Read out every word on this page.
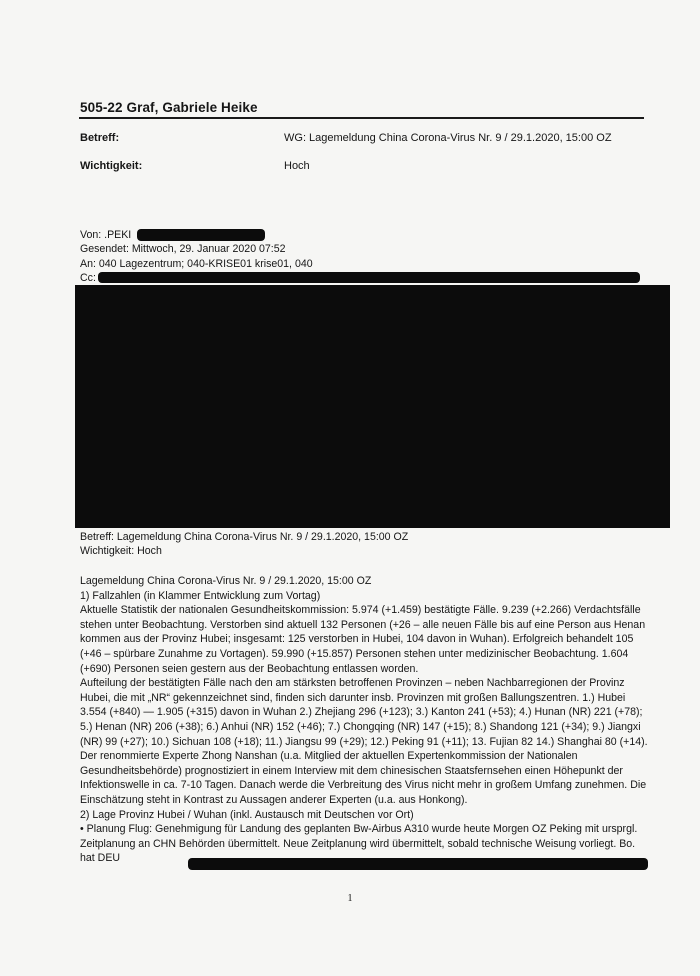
505-22 Graf, Gabriele Heike
Betreff:	WG: Lagemeldung China Corona-Virus Nr. 9 / 29.1.2020, 15:00 OZ
Wichtigkeit:	Hoch
Von: .PEKI
Gesendet: Mittwoch, 29. Januar 2020 07:52
An: 040 Lagezentrum; 040-KRISE01 krise01, 040
Cc:
Betreff: Lagemeldung China Corona-Virus Nr. 9 / 29.1.2020, 15:00 OZ
Wichtigkeit: Hoch

Lagemeldung China Corona-Virus Nr. 9 / 29.1.2020, 15:00 OZ

1) Fallzahlen (in Klammer Entwicklung zum Vortag)

Aktuelle Statistik der nationalen Gesundheitskommission: 5.974 (+1.459) bestätigte Fälle. 9.239 (+2.266) Verdachtsfälle stehen unter Beobachtung. Verstorben sind aktuell 132 Personen (+26 – alle neuen Fälle bis auf eine Person aus Henan kommen aus der Provinz Hubei; insgesamt: 125 verstorben in Hubei, 104 davon in Wuhan). Erfolgreich behandelt 105 (+46 – spürbare Zunahme zu Vortagen). 59.990 (+15.857) Personen stehen unter medizinischer Beobachtung. 1.604 (+690) Personen seien gestern aus der Beobachtung entlassen worden.

Aufteilung der bestätigten Fälle nach den am stärksten betroffenen Provinzen – neben Nachbarregionen der Provinz Hubei, die mit „NR“ gekennzeichnet sind, finden sich darunter insb. Provinzen mit großen Ballungszentren. 1.) Hubei 3.554 (+840) — 1.905 (+315) davon in Wuhan 2.) Zhejiang 296 (+123); 3.) Kanton 241 (+53); 4.) Hunan (NR) 221 (+78); 5.) Henan (NR) 206 (+38); 6.) Anhui (NR) 152 (+46); 7.) Chongqing (NR) 147 (+15); 8.) Shandong 121 (+34); 9.) Jiangxi (NR) 99 (+27); 10.) Sichuan 108 (+18); 11.) Jiangsu 99 (+29); 12.) Peking 91 (+11); 13. Fujian 82 14.) Shanghai 80 (+14).

Der renommierte Experte Zhong Nanshan (u.a. Mitglied der aktuellen Expertenkommission der Nationalen Gesundheitsbehörde) prognostiziert in einem Interview mit dem chinesischen Staatsfernsehen einen Höhepunkt der Infektionswelle in ca. 7-10 Tagen. Danach werde die Verbreitung des Virus nicht mehr in großem Umfang zunehmen. Die Einschätzung steht in Kontrast zu Aussagen anderer Experten (u.a. aus Honkong).

2) Lage Provinz Hubei / Wuhan (inkl. Austausch mit Deutschen vor Ort)

• Planung Flug: Genehmigung für Landung des geplanten Bw-Airbus A310 wurde heute Morgen OZ Peking mit ursprgl. Zeitplanung an CHN Behörden übermittelt. Neue Zeitplanung wird übermittelt, sobald technische Weisung vorliegt. Bo. hat DEU

1
